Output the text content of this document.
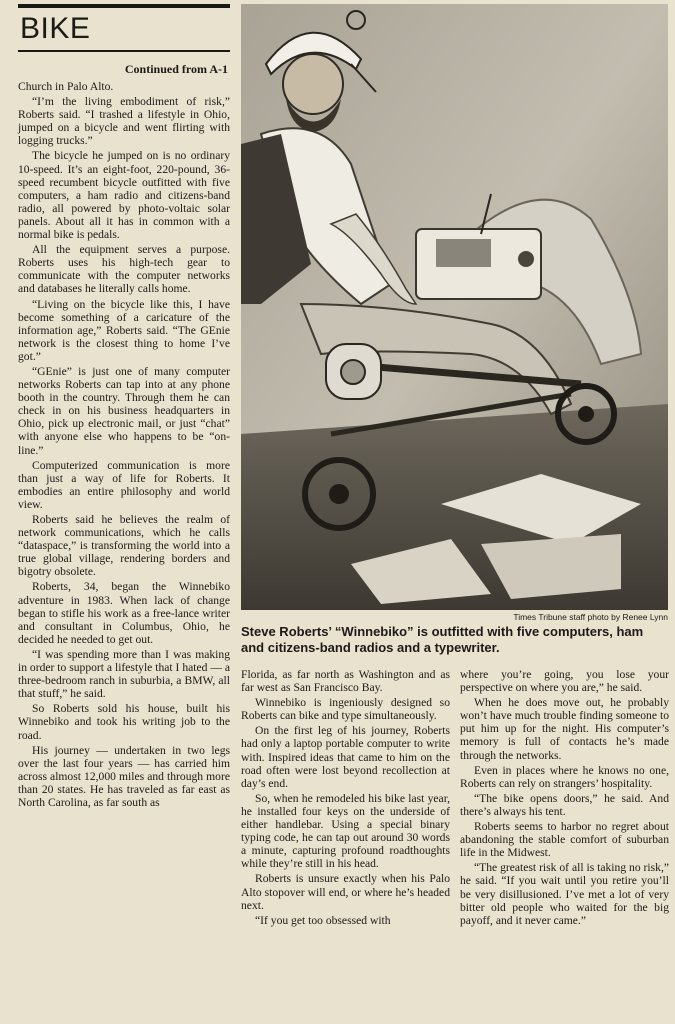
BIKE
Continued from A-1

Church in Palo Alto.

“I’m the living embodiment of risk,” Roberts said. “I trashed a lifestyle in Ohio, jumped on a bicycle and went flirting with logging trucks.”

The bicycle he jumped on is no ordinary 10-speed. It’s an eight-foot, 220-pound, 36-speed recumbent bicycle outfitted with five computers, a ham radio and citizens-band radio, all powered by photo-voltaic solar panels. About all it has in common with a normal bike is pedals.

All the equipment serves a purpose. Roberts uses his high-tech gear to communicate with the computer networks and databases he literally calls home.

“Living on the bicycle like this, I have become something of a caricature of the information age,” Roberts said. “The GEnie network is the closest thing to home I’ve got.”

“GEnie” is just one of many computer networks Roberts can tap into at any phone booth in the country. Through them he can check in on his business headquarters in Ohio, pick up electronic mail, or just “chat” with anyone else who happens to be “on-line.”

Computerized communication is more than just a way of life for Roberts. It embodies an entire philosophy and world view.

Roberts said he believes the realm of network communications, which he calls “dataspace,” is transforming the world into a true global village, rendering borders and bigotry obsolete.

Roberts, 34, began the Winnebiko adventure in 1983. When lack of change began to stifle his work as a free-lance writer and consultant in Columbus, Ohio, he decided he needed to get out.

“I was spending more than I was making in order to support a lifestyle that I hated — a three-bedroom ranch in suburbia, a BMW, all that stuff,” he said.

So Roberts sold his house, built his Winnebiko and took his writing job to the road.

His journey — undertaken in two legs over the last four years — has carried him across almost 12,000 miles and through more than 20 states. He has traveled as far east as North Carolina, as far south as

Times Tribune staff photo by Renee Lynn
Steve Roberts’ “Winnebiko” is outfitted with five computers, ham and citizens-band radios and a typewriter.

Florida, as far north as Washington and as far west as San Francisco Bay.

Winnebiko is ingeniously designed so Roberts can bike and type simultaneously.

On the first leg of his journey, Roberts had only a laptop portable computer to write with. Inspired ideas that came to him on the road often were lost beyond recollection at day’s end.

So, when he remodeled his bike last year, he installed four keys on the underside of either handlebar. Using a special binary typing code, he can tap out around 30 words a minute, capturing profound roadthoughts while they’re still in his head.

Roberts is unsure exactly when his Palo Alto stopover will end, or where he’s headed next.

“If you get too obsessed with

where you’re going, you lose your perspective on where you are,” he said.

When he does move out, he probably won’t have much trouble finding someone to put him up for the night. His computer’s memory is full of contacts he’s made through the networks.

Even in places where he knows no one, Roberts can rely on strangers’ hospitality.

“The bike opens doors,” he said. And there’s always his tent.

Roberts seems to harbor no regret about abandoning the stable comfort of suburban life in the Midwest.

“The greatest risk of all is taking no risk,” he said. “If you wait until you retire you’ll be very disillusioned. I’ve met a lot of very bitter old people who waited for the big payoff, and it never came.”
